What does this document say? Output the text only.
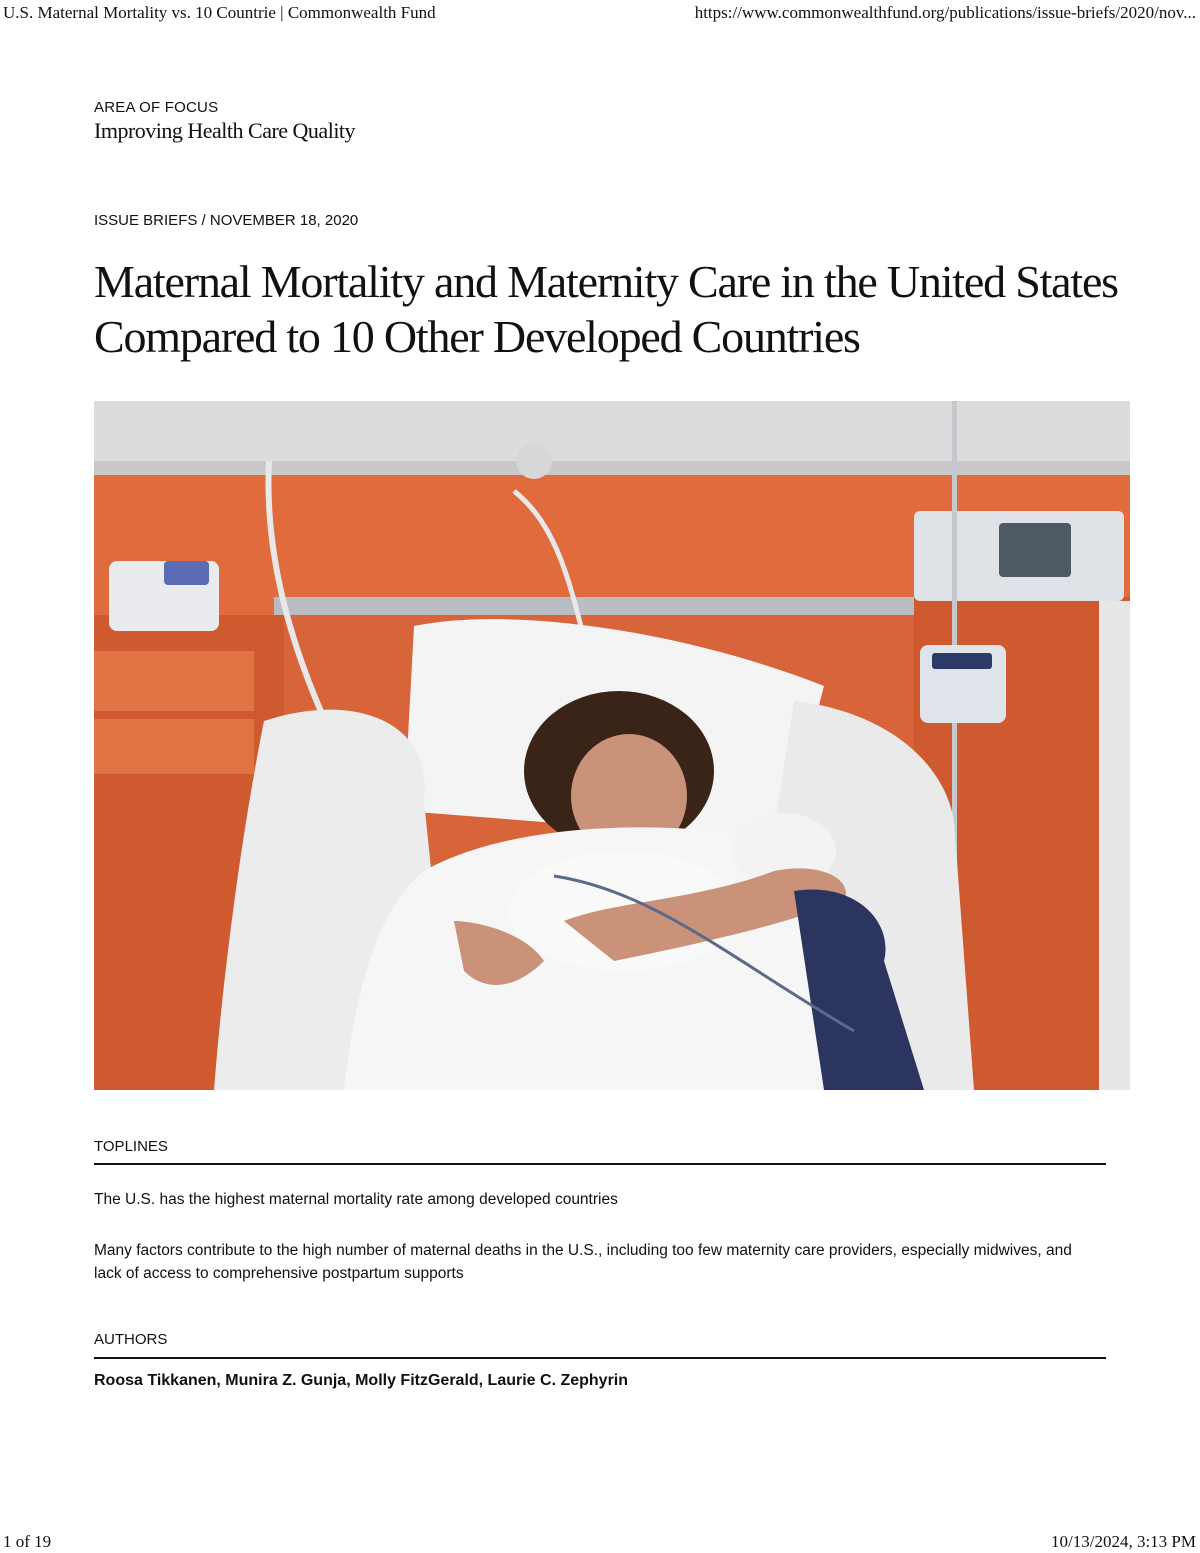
U.S. Maternal Mortality vs. 10 Countrie | Commonwealth Fund	https://www.commonwealthfund.org/publications/issue-briefs/2020/nov...
AREA OF FOCUS
Improving Health Care Quality
ISSUE BRIEFS / NOVEMBER 18, 2020
Maternal Mortality and Maternity Care in the United States Compared to 10 Other Developed Countries
TOPLINES
The U.S. has the highest maternal mortality rate among developed countries
Many factors contribute to the high number of maternal deaths in the U.S., including too few maternity care providers, especially midwives, and lack of access to comprehensive postpartum supports
AUTHORS
Roosa Tikkanen, Munira Z. Gunja, Molly FitzGerald, Laurie C. Zephyrin
1 of 19	10/13/2024, 3:13 PM
